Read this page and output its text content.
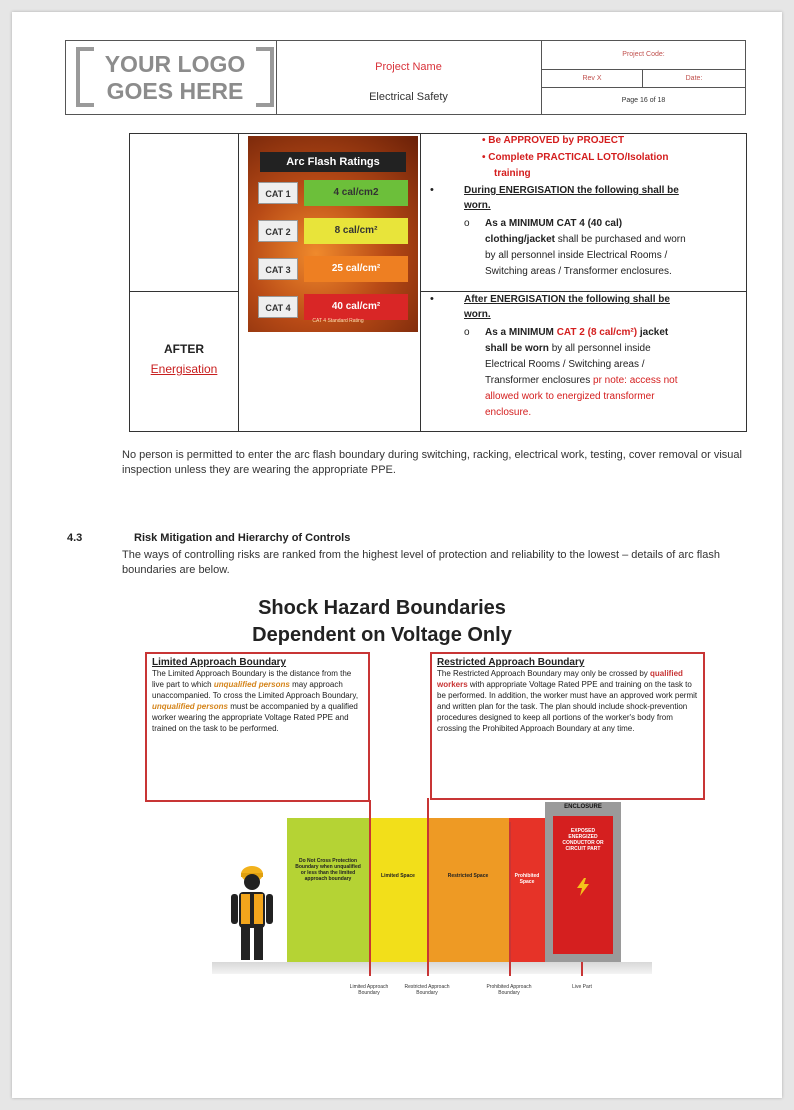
YOUR LOGO GOES HERE
Project Name
Electrical Safety
Project Code:
Rev X	Date:
Page 16 of 18
AFTER
Energisation
Arc Flash Ratings
CAT 1	4 cal/cm2
CAT 2	8 cal/cm²
CAT 3	25 cal/cm²
CAT 4	40 cal/cm²
CAT 4 Standard Rating
• Be APPROVED by PROJECT
• Complete PRACTICAL LOTO/Isolation
training
•	During ENERGISATION the following shall be
worn.
o As a MINIMUM CAT 4 (40 cal)
clothing/jacket shall be purchased and worn
by all personnel inside Electrical Rooms /
Switching areas / Transformer enclosures.
•	After ENERGISATION the following shall be
worn.
o As a MINIMUM CAT 2 (8 cal/cm²) jacket
shall be worn by all personnel inside
Electrical Rooms / Switching areas /
Transformer enclosures pr note: access not
allowed work to energized transformer
enclosure.
No person is permitted to enter the arc flash boundary during switching, racking, electrical work, testing, cover removal or visual inspection unless they are wearing the appropriate PPE.
4.3	Risk Mitigation and Hierarchy of Controls
The ways of controlling risks are ranked from the highest level of protection and reliability to the lowest – details of arc flash boundaries are below.
Shock Hazard Boundaries
Dependent on Voltage Only
Limited Approach Boundary
The Limited Approach Boundary is the distance from the live part to which unqualified persons may approach unaccompanied. To cross the Limited Approach Boundary, unqualified persons must be accompanied by a qualified worker wearing the appropriate Voltage Rated PPE and trained on the task to be performed.
Restricted Approach Boundary
The Restricted Approach Boundary may only be crossed by qualified workers with appropriate Voltage Rated PPE and training on the task to be performed. In addition, the worker must have an approved work permit and written plan for the task. The plan should include shock-prevention procedures designed to keep all portions of the worker's body from crossing the Prohibited Approach Boundary at any time.
Do Not Cross Protection Boundary when unqualified or less than the limited approach boundary	Limited Space	Restricted Space	Prohibited Space
ENCLOSURE
EXPOSED ENERGIZED CONDUCTOR OR CIRCUIT PART
Limited Approach Boundary
Restricted Approach Boundary
Prohibited Approach Boundary
Live Part
